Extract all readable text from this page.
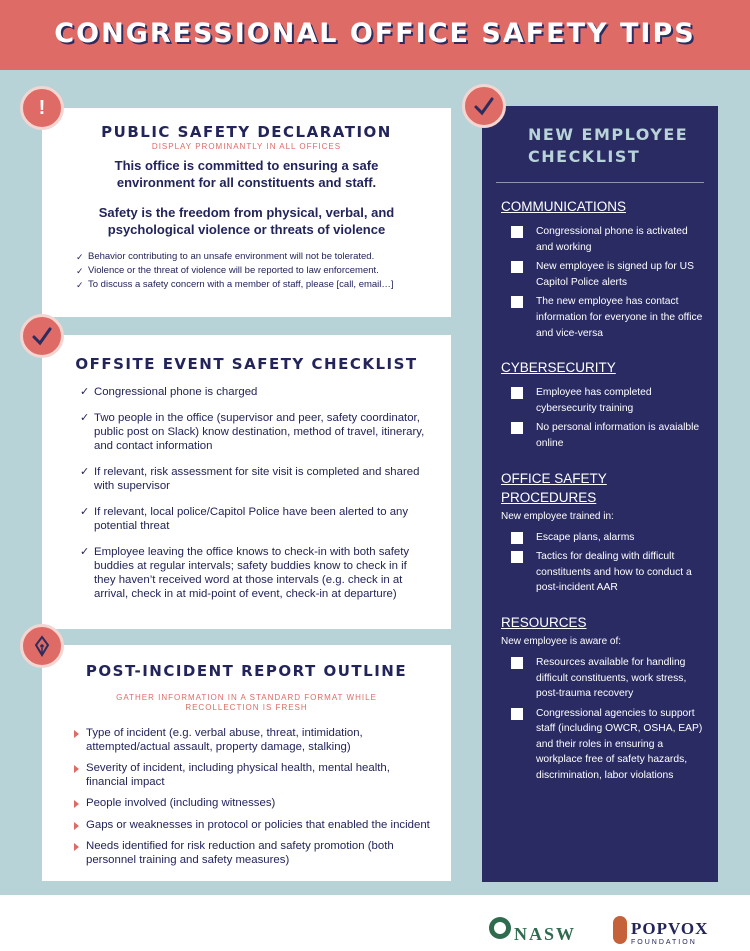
CONGRESSIONAL OFFICE SAFETY TIPS
PUBLIC SAFETY DECLARATION
DISPLAY PROMINANTLY IN ALL OFFICES
This office is committed to ensuring a safe
environment for all constituents and staff.
Safety is the freedom from physical, verbal, and
psychological violence or threats of violence
✓ Behavior contributing to an unsafe environment will not be tolerated.
✓ Violence or the threat of violence will be reported to law enforcement.
✓ To discuss a safety concern with a member of staff, please [call, email…]
!
OFFSITE EVENT SAFETY CHECKLIST
✓ Congressional phone is charged
✓ Two people in the office (supervisor and peer, safety coordinator, public post on Slack) know destination, method of travel, itinerary, and contact information
✓ If relevant, risk assessment for site visit is completed and shared with supervisor
✓ If relevant, local police/Capitol Police have been alerted to any potential threat
✓ Employee leaving the office knows to check-in with both safety buddies at regular intervals; safety buddies know to check in if they haven’t received word at those intervals (e.g. check in at arrival, check in at mid-point of event, check-in at departure)
POST-INCIDENT REPORT OUTLINE
GATHER INFORMATION IN A STANDARD FORMAT WHILE RECOLLECTION IS FRESH
Type of incident (e.g. verbal abuse, threat, intimidation, attempted/actual assault, property damage, stalking)
Severity of incident, including physical health, mental health, financial impact
People involved (including witnesses)
Gaps or weaknesses in protocol or policies that enabled the incident
Needs identified for risk reduction and safety promotion (both personnel training and safety measures)
NEW EMPLOYEE
CHECKLIST
COMMUNICATIONS
Congressional phone is activated and working
New employee is signed up for US Capitol Police alerts
The new employee has contact information for everyone in the office and vice-versa
CYBERSECURITY
Employee has completed cybersecurity training
No personal information is avaialble online
OFFICE SAFETY
PROCEDURES
New employee trained in:
Escape plans, alarms
Tactics for dealing with difficult constituents and how to conduct a post-incident AAR
RESOURCES
New employee is aware of:
Resources available for handling difficult constituents, work stress, post-trauma recovery
Congressional agencies to support staff (including OWCR, OSHA, EAP) and their roles in ensuring a workplace free of safety hazards, discrimination, labor violations
NASW	POPVOX
FOUNDATION
